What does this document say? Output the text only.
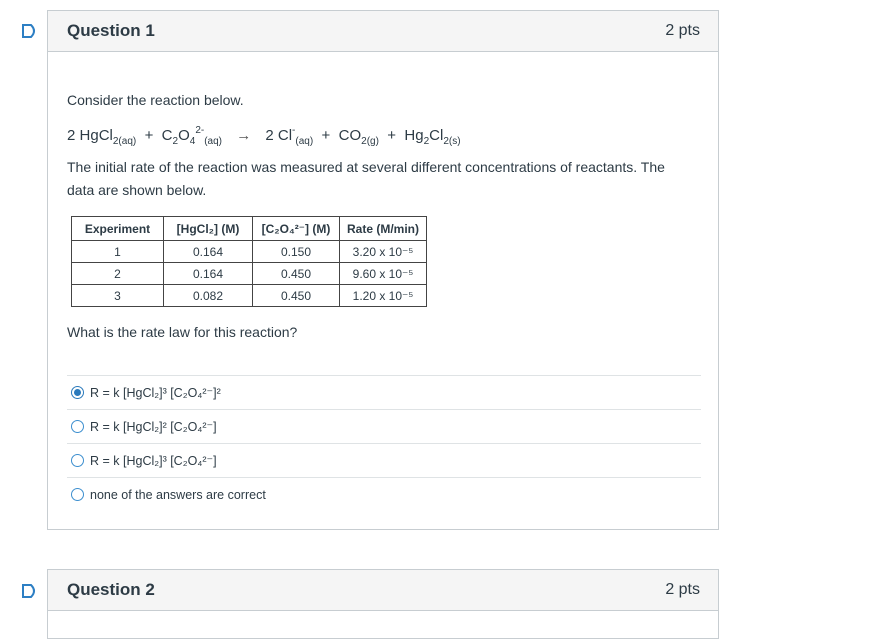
Question 1	2 pts
Consider the reaction below.
2 HgCl$_{2(aq)}$ + $C_2O_4^{2-}_{(aq)} \to 2$ $Cl^-_{(aq)} + CO_{2(g)} + Hg_2Cl_{2(s)}$
The initial rate of the reaction was measured at several different concentrations of reactants. The
data are shown below.
Experiment	[HgCl₂] (M)	[C₂O₄²⁻] (M)	Rate (M/min)
1	0.164	0.150	3.20 x 10⁻⁵
2	0.164	0.450	9.60 x 10⁻⁵
3	0.082	0.450	1.20 x 10⁻⁵
What is the rate law for this reaction?
R = k [HgCl₂]³ [C₂O₄²⁻]²
R = k [HgCl₂]² [C₂O₄²⁻]
R = k [HgCl₂]³ [C₂O₄²⁻]
none of the answers are correct
Question 2	2 pts
